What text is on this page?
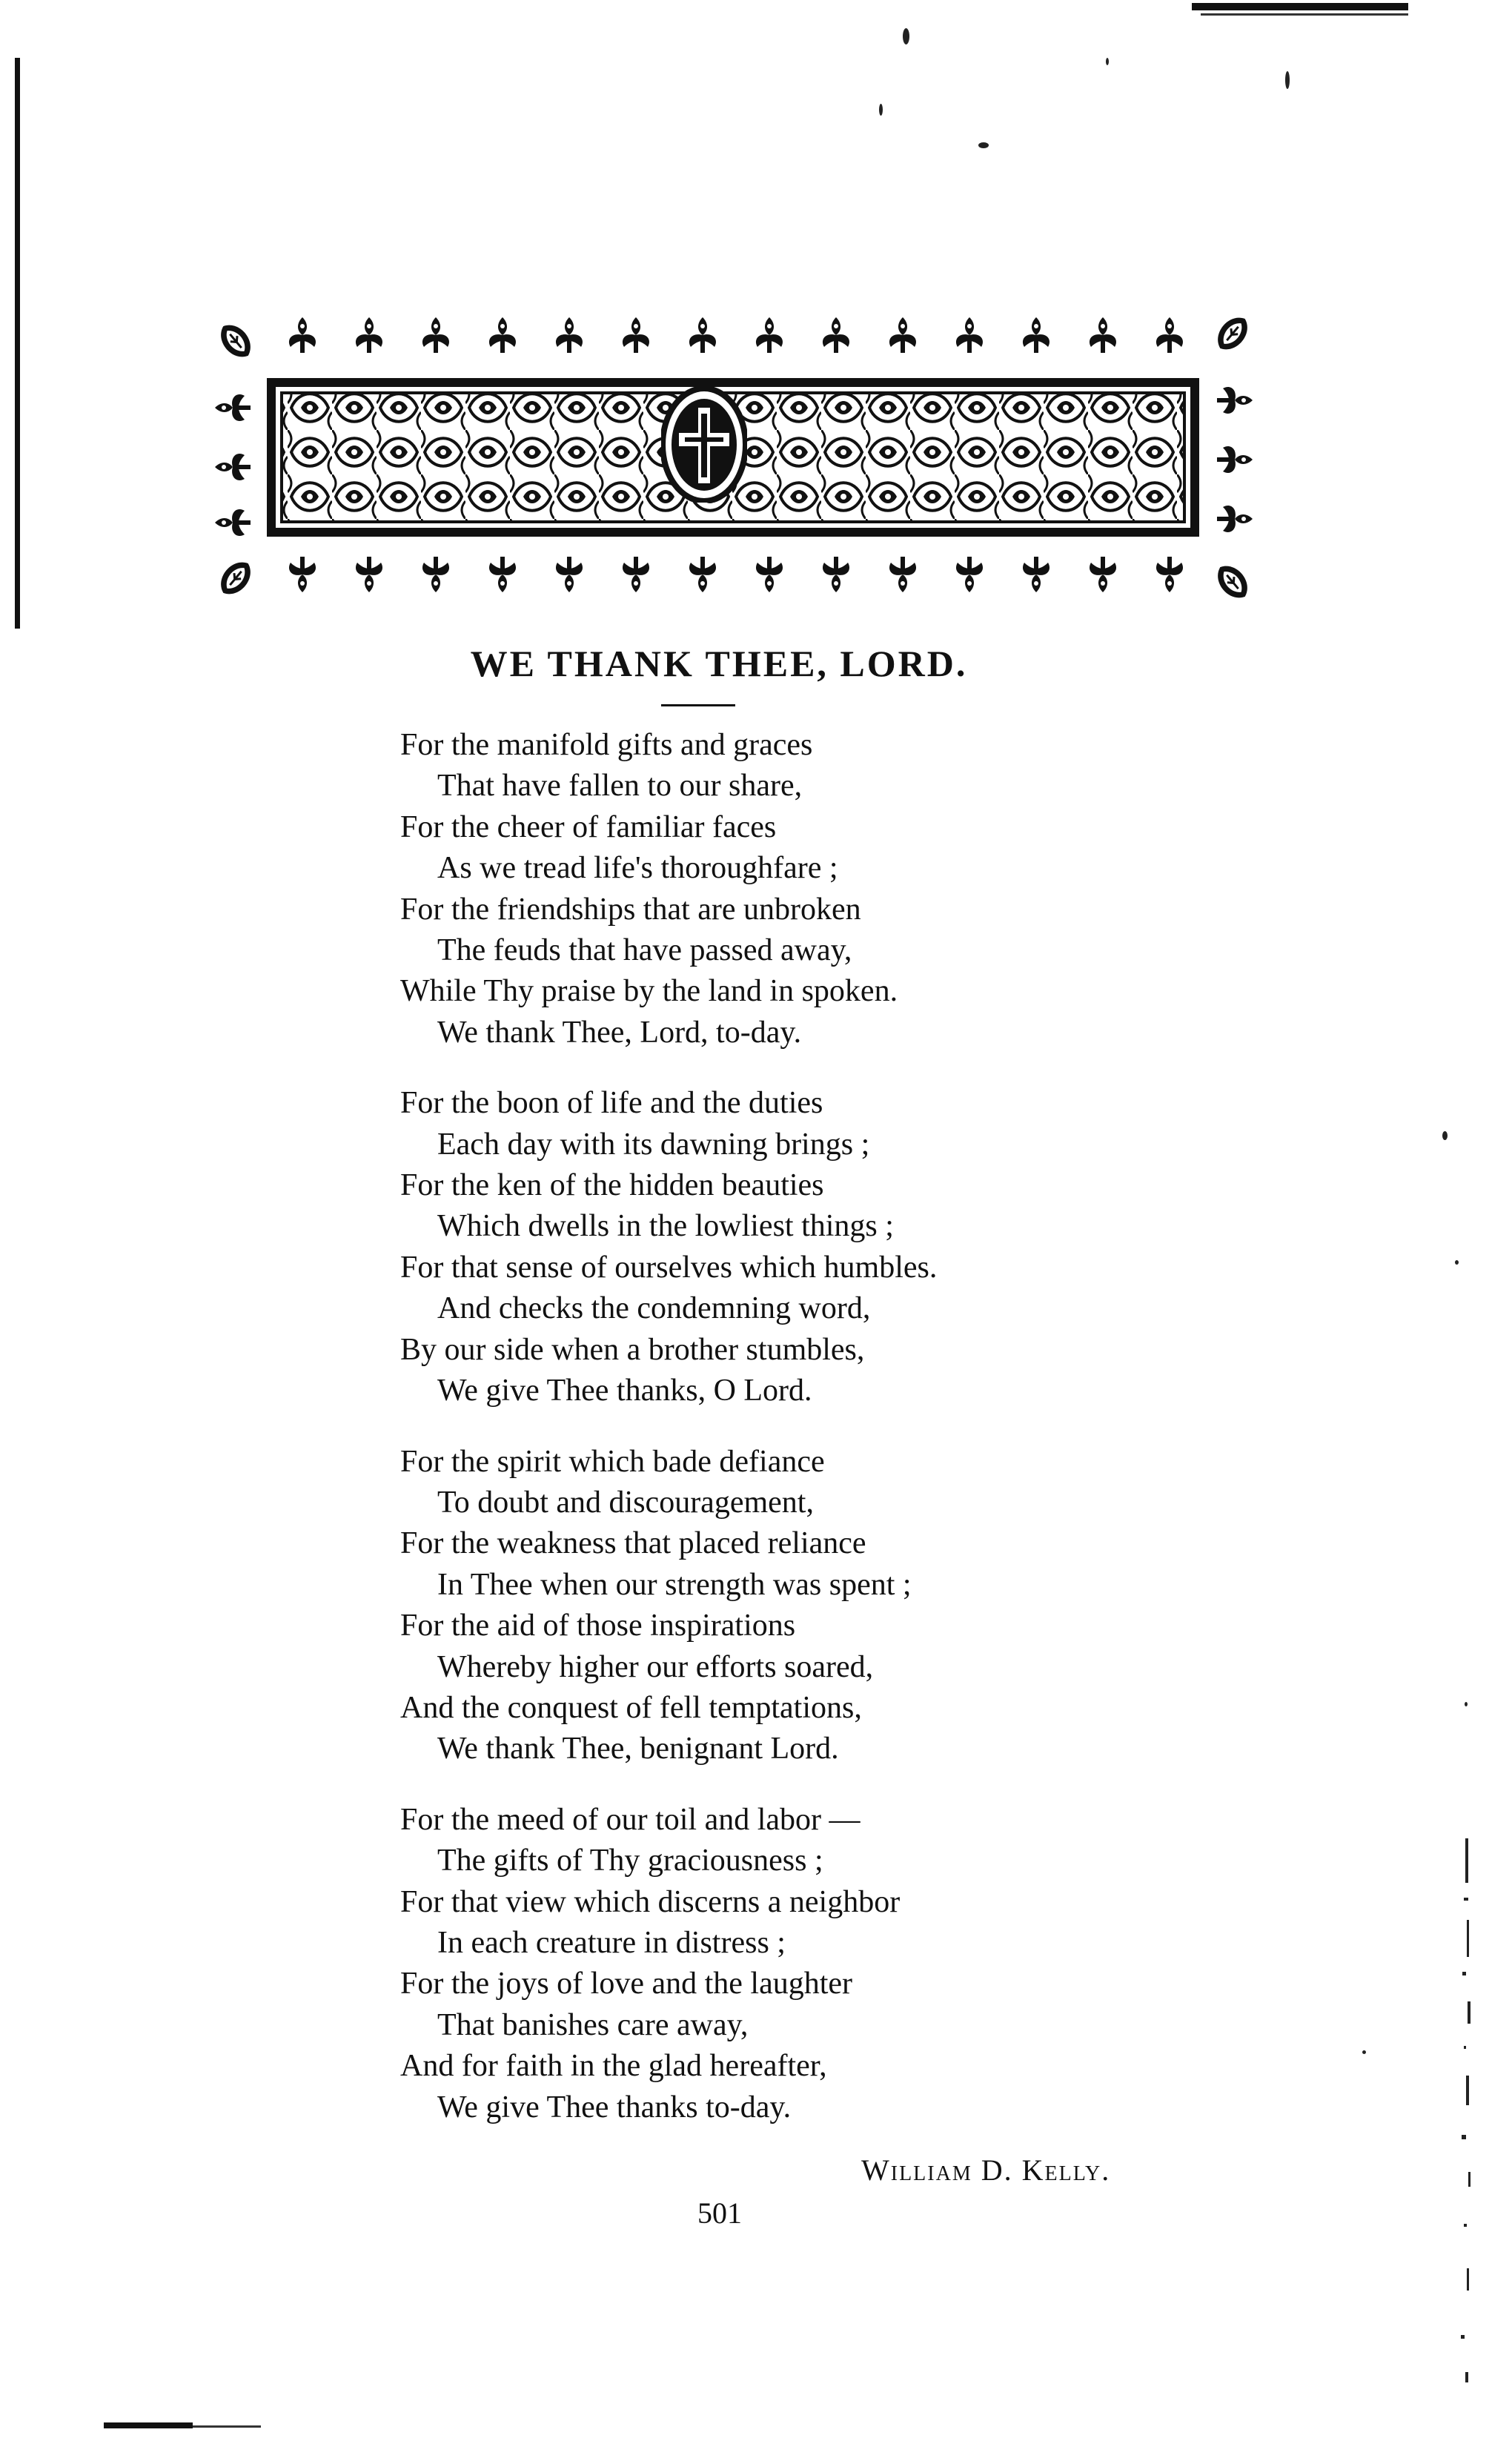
WE THANK THEE, LORD.
For the manifold gifts and graces
That have fallen to our share,
For the cheer of familiar faces
As we tread life's thoroughfare ;
For the friendships that are unbroken
The feuds that have passed away,
While Thy praise by the land in spoken.
We thank Thee, Lord, to-day.
For the boon of life and the duties
Each day with its dawning brings ;
For the ken of the hidden beauties
Which dwells in the lowliest things ;
For that sense of ourselves which humbles.
And checks the condemning word,
By our side when a brother stumbles,
We give Thee thanks, O Lord.
For the spirit which bade defiance
To doubt and discouragement,
For the weakness that placed reliance
In Thee when our strength was spent ;
For the aid of those inspirations
Whereby higher our efforts soared,
And the conquest of fell temptations,
We thank Thee, benignant Lord.
For the meed of our toil and labor —
The gifts of Thy graciousness ;
For that view which discerns a neighbor
In each creature in distress ;
For the joys of love and the laughter
That banishes care away,
And for faith in the glad hereafter,
We give Thee thanks to-day.
William D. Kelly.
501
